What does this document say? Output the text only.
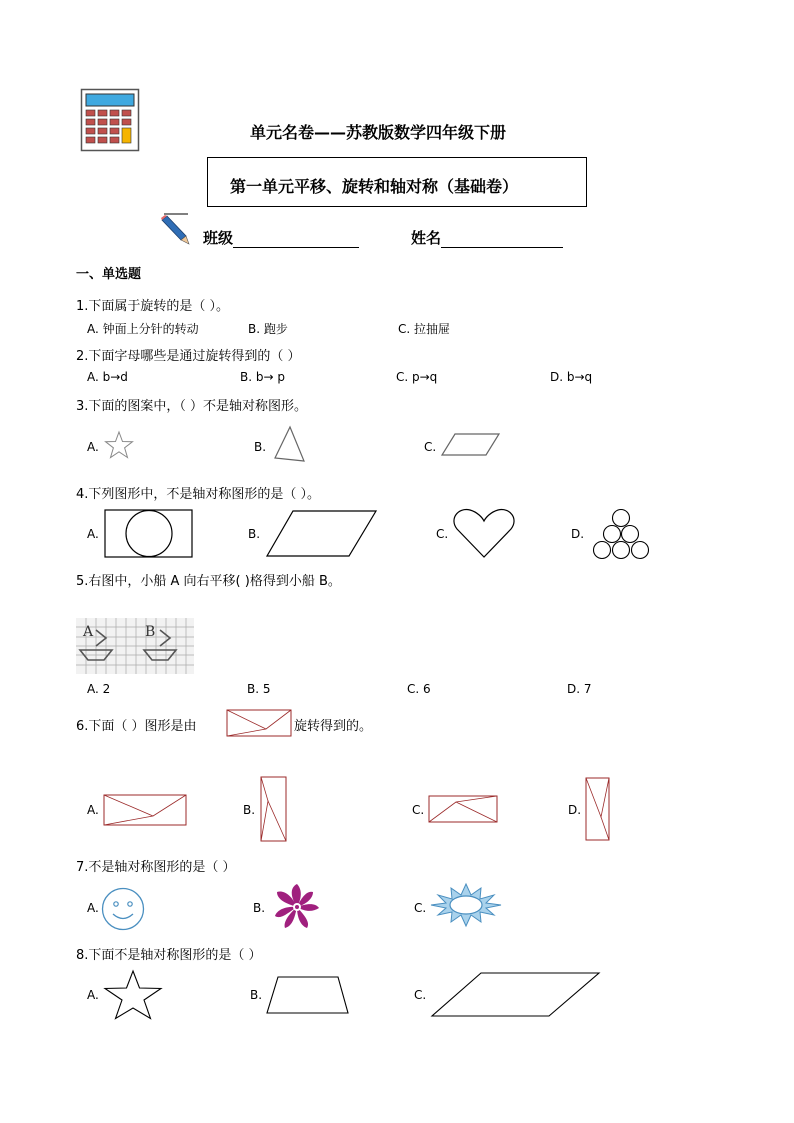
单元名卷——苏教版数学四年级下册
第一单元平移、旋转和轴对称（基础卷）
班级	姓名
一、单选题
1.下面属于旋转的是（ ）。
A. 钟面上分针的转动	B. 跑步	C. 拉抽屉
2.下面字母哪些是通过旋转得到的（ ）
A. b→d	B. b→ p	C. p→q	D. b→q
3.下面的图案中，（ ）不是轴对称图形。
A.	B.	C.
4.下列图形中，不是轴对称图形的是（ ）。
A.	B.	C.	D.
5.右图中，小船 A 向右平移( )格得到小船 B。
A	B
A. 2	B. 5	C. 6	D. 7
6.下面（ ）图形是由	旋转得到的。
A.	B.	C.	D.
7.不是轴对称图形的是（ ）
A.	B.	C.
8.下面不是轴对称图形的是（ ）
A.	B.	C.
